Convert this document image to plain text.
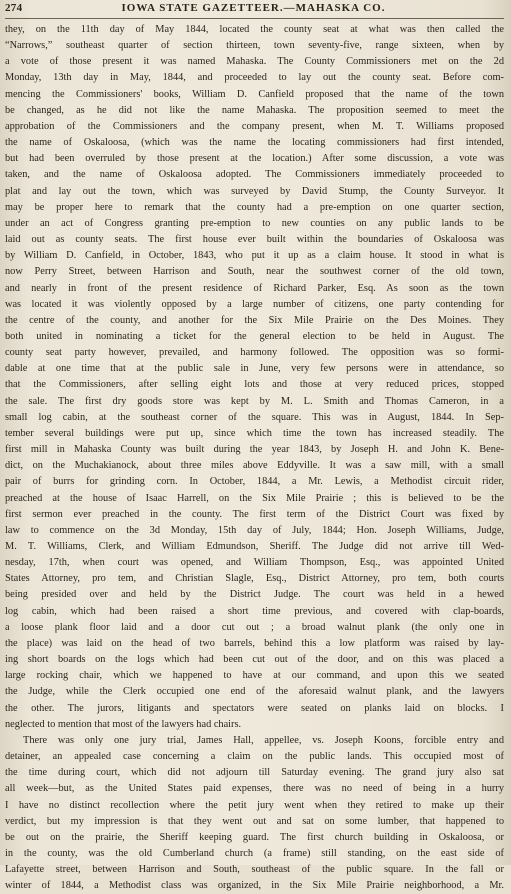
274	IOWA STATE GAZETTEER.—MAHASKA CO.
they, on the 11th day of May 1844, located the county seat at what was then called the
“Narrows,” southeast quarter of section thirteen, town seventy-five, range sixteen, when by
a vote of those present it was named Mahaska. The County Commissioners met on the 2d
Monday, 13th day in May, 1844, and proceeded to lay out the county seat. Before com-
mencing the Commissioners' books, William D. Canfield proposed that the name of the town
be changed, as he did not like the name Mahaska. The proposition seemed to meet the
approbation of the Commissioners and the company present, when M. T. Williams proposed
the name of Oskaloosa, (which was the name the locating commissioners had first intended,
but had been overruled by those present at the location.) After some discussion, a vote was
taken, and the name of Oskaloosa adopted. The Commissioners immediately proceeded to
plat and lay out the town, which was surveyed by David Stump, the County Surveyor. It
may be proper here to remark that the county had a pre-emption on one quarter section,
under an act of Congress granting pre-emption to new counties on any public lands to be
laid out as county seats. The first house ever built within the boundaries of Oskaloosa was
by William D. Canfield, in October, 1843, who put it up as a claim house. It stood in what is
now Perry Street, between Harrison and South, near the southwest corner of the old town,
and nearly in front of the present residence of Richard Parker, Esq. As soon as the town
was located it was violently opposed by a large number of citizens, one party contending for
the centre of the county, and another for the Six Mile Prairie on the Des Moines. They
both united in nominating a ticket for the general election to be held in August. The
county seat party however, prevailed, and harmony followed. The opposition was so formi-
dable at one time that at the public sale in June, very few persons were in attendance, so
that the Commissioners, after selling eight lots and those at very reduced prices, stopped
the sale. The first dry goods store was kept by M. L. Smith and Thomas Cameron, in a
small log cabin, at the southeast corner of the square. This was in August, 1844. In Sep-
tember several buildings were put up, since which time the town has increased steadily. The
first mill in Mahaska County was built during the year 1843, by Joseph H. and John K. Bene-
dict, on the Muchakianock, about three miles above Eddyville. It was a saw mill, with a small
pair of burrs for grinding corn. In October, 1844, a Mr. Lewis, a Methodist circuit rider,
preached at the house of Isaac Harrell, on the Six Mile Prairie ; this is believed to be the
first sermon ever preached in the county. The first term of the District Court was fixed by
law to commence on the 3d Monday, 15th day of July, 1844; Hon. Joseph Williams, Judge,
M. T. Williams, Clerk, and William Edmundson, Sheriff. The Judge did not arrive till Wed-
nesday, 17th, when court was opened, and William Thompson, Esq., was appointed United
States Attorney, pro tem, and Christian Slagle, Esq., District Attorney, pro tem, both courts
being presided over and held by the District Judge. The court was held in a hewed
log cabin, which had been raised a short time previous, and covered with clap-boards,
a loose plank floor laid and a door cut out ; a broad walnut plank (the only one in
the place) was laid on the head of two barrels, behind this a low platform was raised by lay-
ing short boards on the logs which had been cut out of the door, and on this was placed a
large rocking chair, which we happened to have at our command, and upon this we seated
the Judge, while the Clerk occupied one end of the aforesaid walnut plank, and the lawyers
the other. The jurors, litigants and spectators were seated on planks laid on blocks. I
neglected to mention that most of the lawyers had chairs.
There was only one jury trial, James Hall, appellee, vs. Joseph Koons, forcible entry and
detainer, an appealed case concerning a claim on the public lands. This occupied most of
the time during court, which did not adjourn till Saturday evening. The grand jury also sat
all week—but, as the United States paid expenses, there was no need of being in a hurry
I have no distinct recollection where the petit jury went when they retired to make up their
verdict, but my impression is that they went out and sat on some lumber, that happened to
be out on the prairie, the Sheriff keeping guard. The first church building in Oskaloosa, or
in the county, was the old Cumberland church (a frame) still standing, on the east side of
Lafayette street, between Harrison and South, southeast of the public square. In the fall or
winter of 1844, a Methodist class was organized, in the Six Mile Prairie neighborhood, a Mr.
